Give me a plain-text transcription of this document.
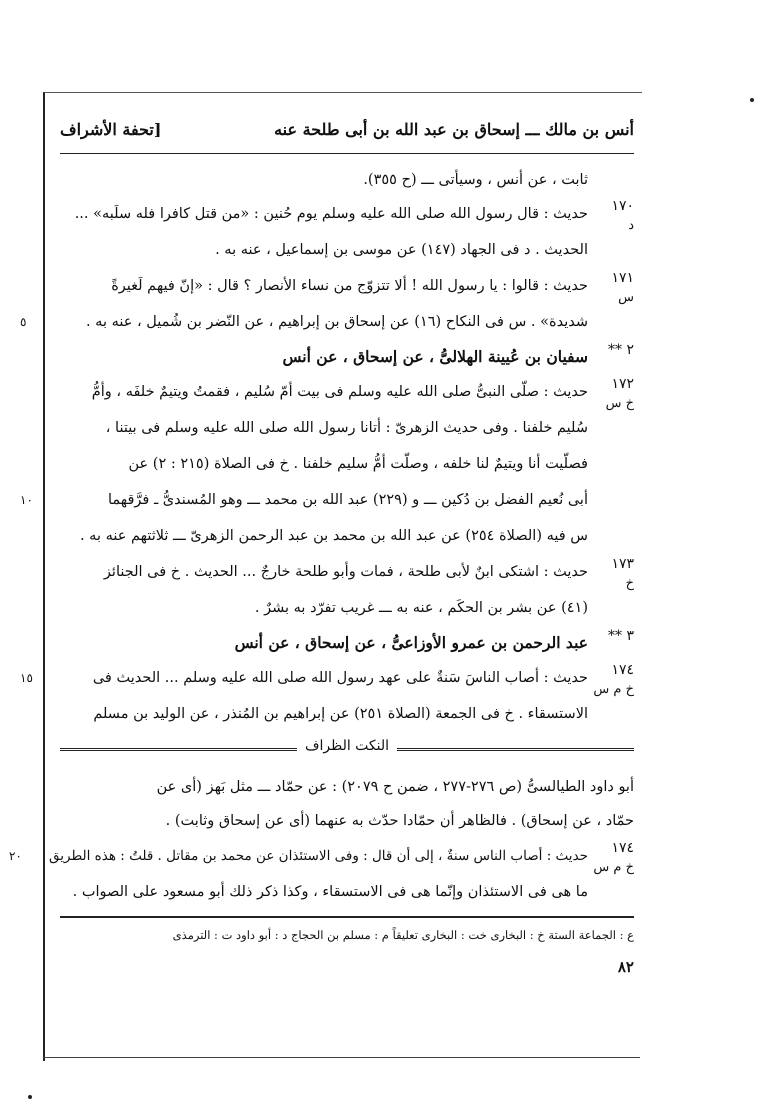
أنس بن مالك ـــ إسحاق بن عبد الله بن أبى طلحة عنه
[تحفة الأشراف
ثابت ، عن أنس ، وسيأتى ـــ (ح ٣٥٥).
١٧٠
د
حديث : قال رسول الله صلى الله عليه وسلم يوم حُنين : «من قتل كافرا فله سلَبه» ...
الحديث . د فى الجهاد (١٤٧) عن موسى بن إسماعيل ، عنه به .
١٧١
س
حديث : قالوا : يا رسول الله ! ألا تتزوّج من نساء الأنصار ؟ قال : «إنّ فيهم لَغيرةً
شديدة» . س فى النكاح (١٦) عن إسحاق بن إبراهيم ، عن النّضر بن شُميل ، عنه به .
٥
٢ **
سفيان بن عُيينة الهلالىُّ ، عن إسحاق ، عن أنس
١٧٢
خ س
حديث : صلّى النبىُّ صلى الله عليه وسلم فى بيت أمّ سُليم ، فقمتُ ويتيمٌ خلفَه ، وأمُّ
سُليم خلفنا . وفى حديث الزهرىّ : أتانا رسول الله صلى الله عليه وسلم فى بيتنا ،
فصلّيت أنا ويتيمٌ لنا خلفه ، وصلّت أمُّ سليم خلفنا . خ فى الصلاة (٢١٥ : ٢) عن
أبى نُعيم الفضل بن دُكين ـــ و (٢٢٩) عبد الله بن محمد ـــ وهو المُسندىُّ ـ فرَّقهما
١٠
س فيه (الصلاة ٢٥٤) عن عبد الله بن محمد بن عبد الرحمن الزهرىّ ـــ ثلاثتهم عنه به .
١٧٣
خ
حديث : اشتكى ابنٌ لأبى طلحة ، فمات وأبو طلحة خارجٌ ... الحديث . خ فى الجنائز
(٤١) عن بشر بن الحكَم ، عنه به ـــ غريب تفرّد به بشرٌ .
٣ **
عبد الرحمن بن عمرو الأوزاعىُّ ، عن إسحاق ، عن أنس
١٧٤
خ م س
حديث : أصاب الناسَ سَنةٌ على عهد رسول الله صلى الله عليه وسلم ... الحديث فى
١٥
الاستسقاء . خ فى الجمعة (الصلاة ٢٥١) عن إبراهيم بن المُنذر ، عن الوليد بن مسلم
النكت الظراف
أبو داود الطيالسىُّ (ص ٢٧٦-٢٧٧ ، ضمن ح ٢٠٧٩) : عن حمّاد ـــ مثل بَهز (أى عن
حمّاد ، عن إسحاق) . فالظاهر أن حمّادا حدّث به عنهما (أى عن إسحاق وثابت) .
١٧٤
خ م س
حديث : أصاب الناس سنةٌ ، إلى أن قال : وفى الاستئذان عن محمد بن مقاتل . قلتُ : هذه الطريق
٢٠
ما هى فى الاستئذان وإنّما هى فى الاستسقاء ، وكذا ذكر ذلك أبو مسعود على الصواب .
ع : الجماعة الستة خ : البخارى خت : البخارى تعليقاً م : مسلم بن الحجاج د : أبو داود ت : الترمذى
٨٢
